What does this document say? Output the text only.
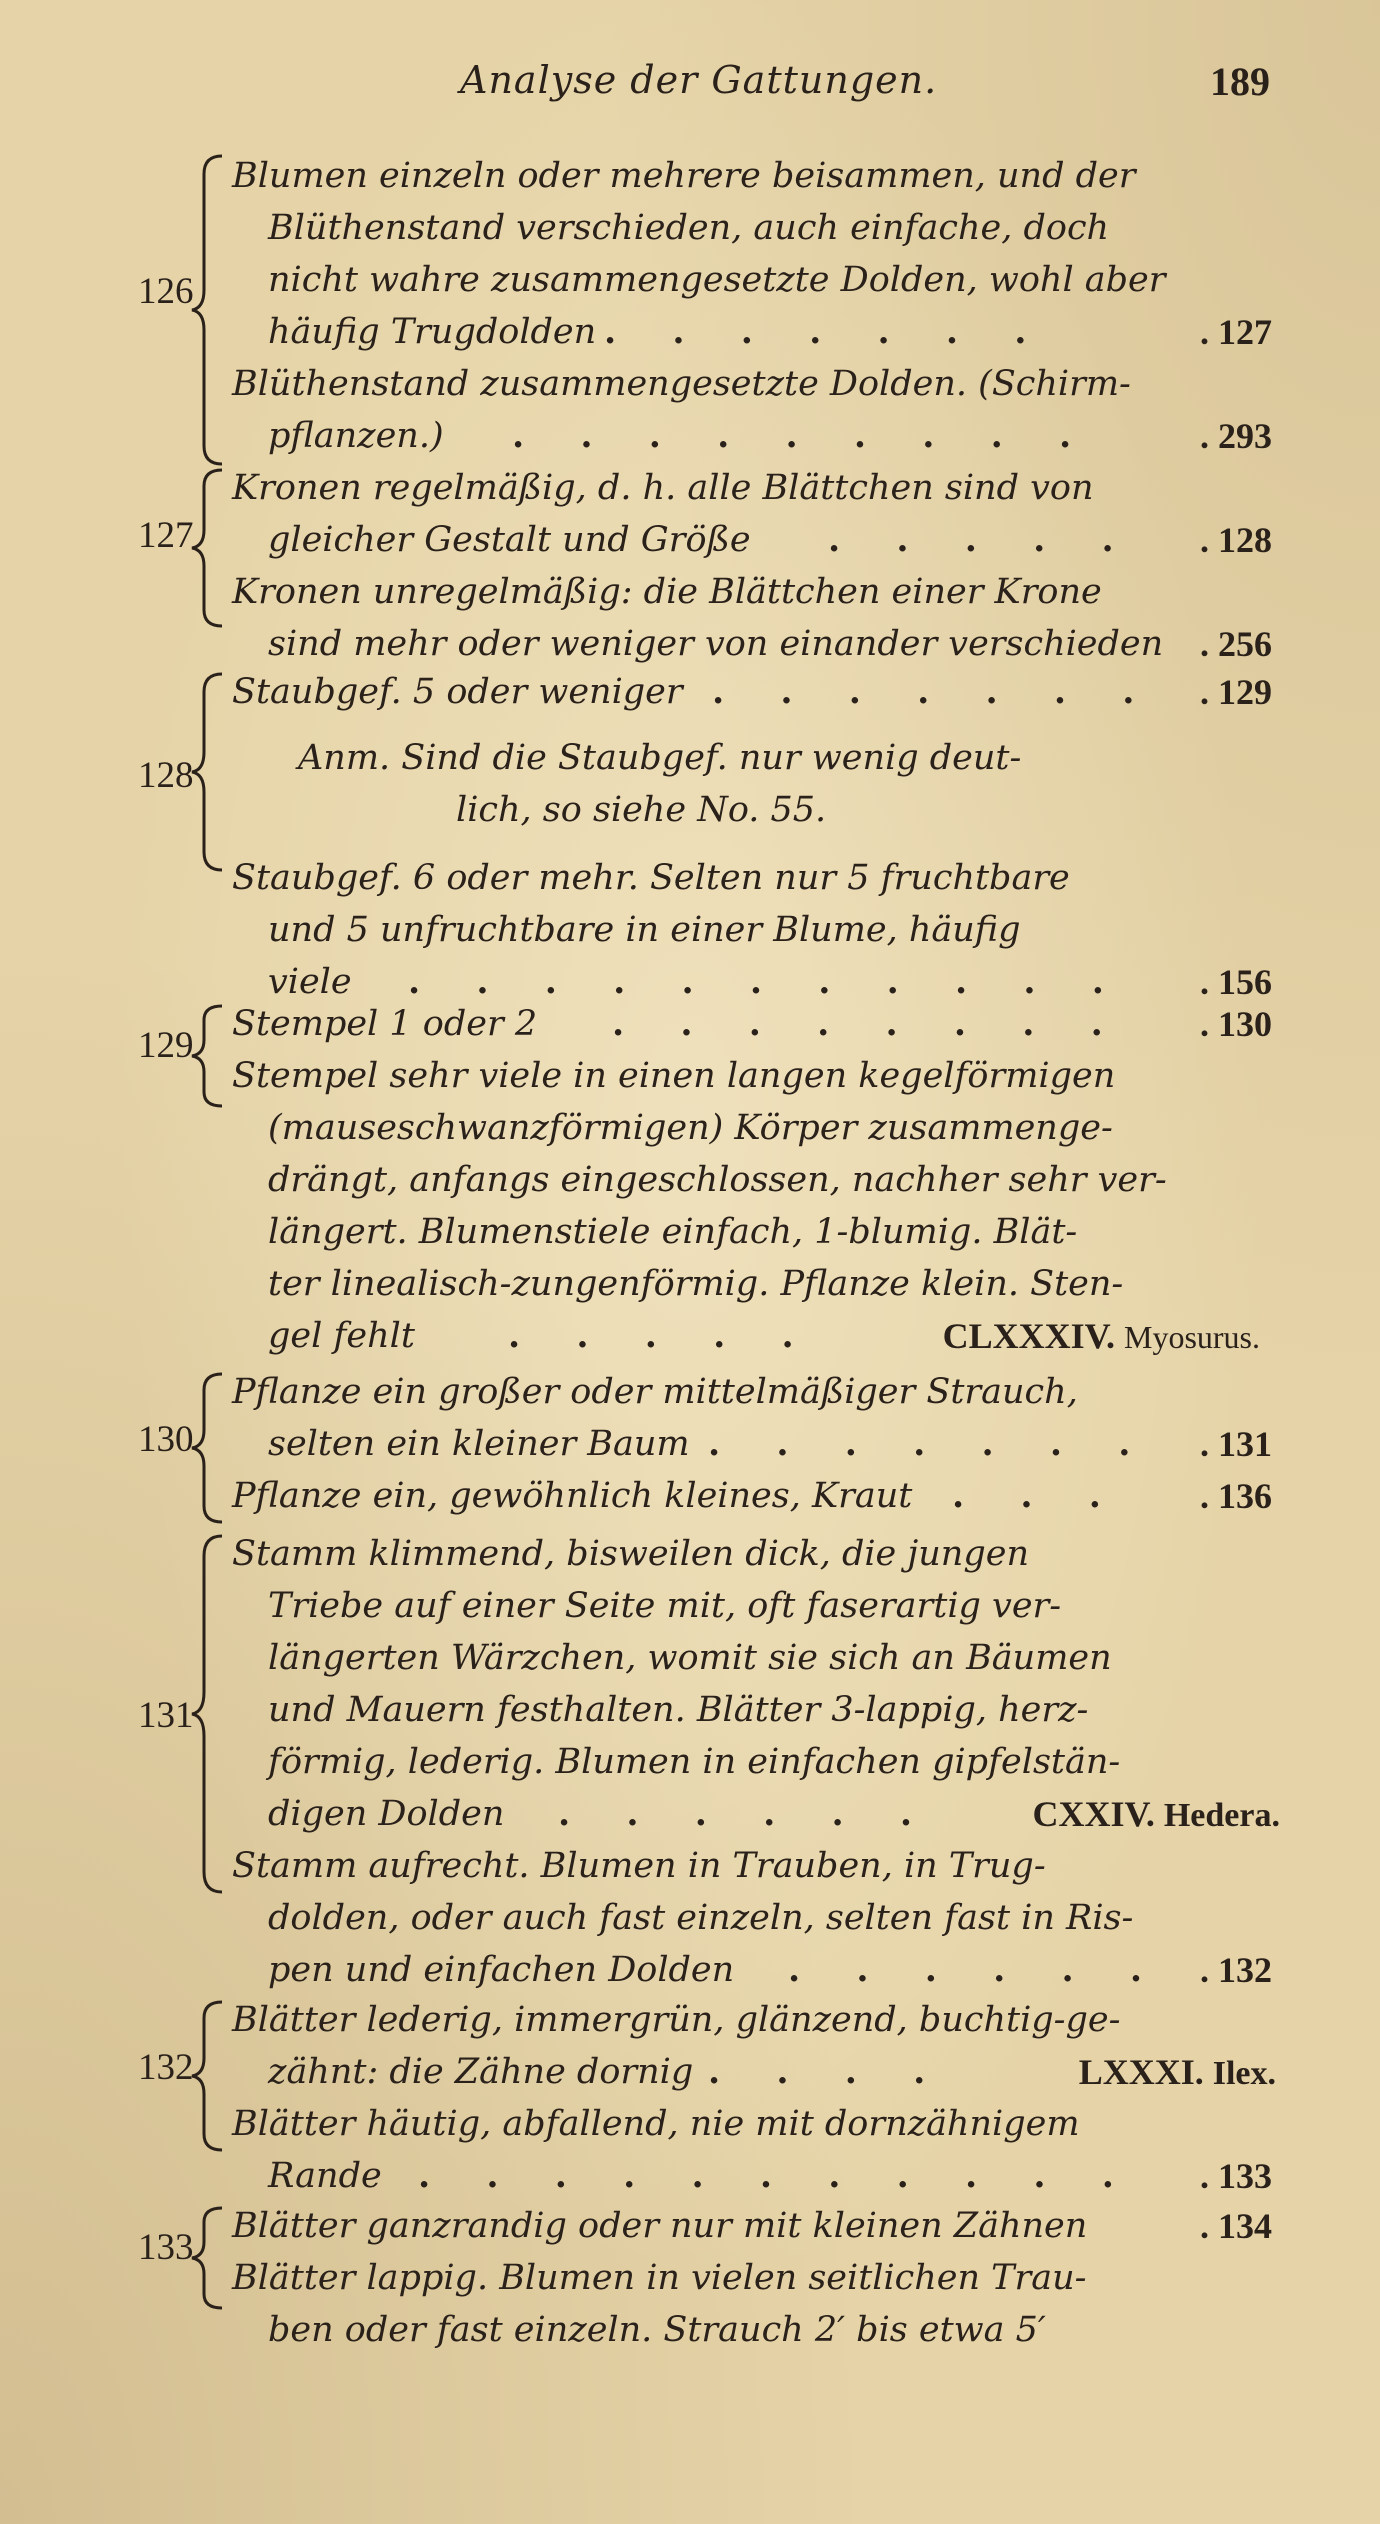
Analyse der Gattungen.	189
126
Blumen einzeln oder mehrere beisammen, und der
Blüthenstand verschieden, auch einfache, doch
nicht wahre zusammengesetzte Dolden, wohl aber
häufig Trugdolden . . . . . . .	. 127
Blüthenstand zusammengesetzte Dolden. (Schirm-
pflanzen.) . . . . . . . . .	. 293
127
Kronen regelmäßig, d. h. alle Blättchen sind von
gleicher Gestalt und Größe . . . . . . 128
Kronen unregelmäßig: die Blättchen einer Krone
sind mehr oder weniger von einander verschieden . 256
128
Staubgef. 5 oder weniger . . . . . . . . 129
Anm. Sind die Staubgef. nur wenig deut-
lich, so siehe No. 55.
Staubgef. 6 oder mehr. Selten nur 5 fruchtbare
und 5 unfruchtbare in einer Blume, häufig
viele . . . . . . . . . . . . 156
129
Stempel 1 oder 2 . . . . . . . . . 130
Stempel sehr viele in einen langen kegelförmigen
(mauseschwanzförmigen) Körper zusammenge-
drängt, anfangs eingeschlossen, nachher sehr ver-
längert. Blumenstiele einfach, 1-blumig. Blät-
ter linealisch-zungenförmig. Pflanze klein. Sten-
gel fehlt	. . . . .	CLXXXIV. Myosurus.
130
Pflanze ein großer oder mittelmäßiger Strauch,
selten ein kleiner Baum . . . . . . . . 131
Pflanze ein, gewöhnlich kleines, Kraut . . . . 136
131
Stamm klimmend, bisweilen dick, die jungen
Triebe auf einer Seite mit, oft faserartig ver-
längerten Wärzchen, womit sie sich an Bäumen
und Mauern festhalten. Blätter 3-lappig, herz-
förmig, lederig. Blumen in einfachen gipfelstän-
digen Dolden . . . . . .	CXXIV. Hedera.
Stamm aufrecht. Blumen in Trauben, in Trug-
dolden, oder auch fast einzeln, selten fast in Ris-
pen und einfachen Dolden . . . . . . . 132
132
Blätter lederig, immergrün, glänzend, buchtig-ge-
zähnt: die Zähne dornig . . . .	LXXXI. Ilex.
Blätter häutig, abfallend, nie mit dornzähnigem
Rande . . . . . . . . . . . . 133
133
Blätter ganzrandig oder nur mit kleinen Zähnen	. 134
Blätter lappig. Blumen in vielen seitlichen Trau-
ben oder fast einzeln. Strauch 2′ bis etwa 5′
